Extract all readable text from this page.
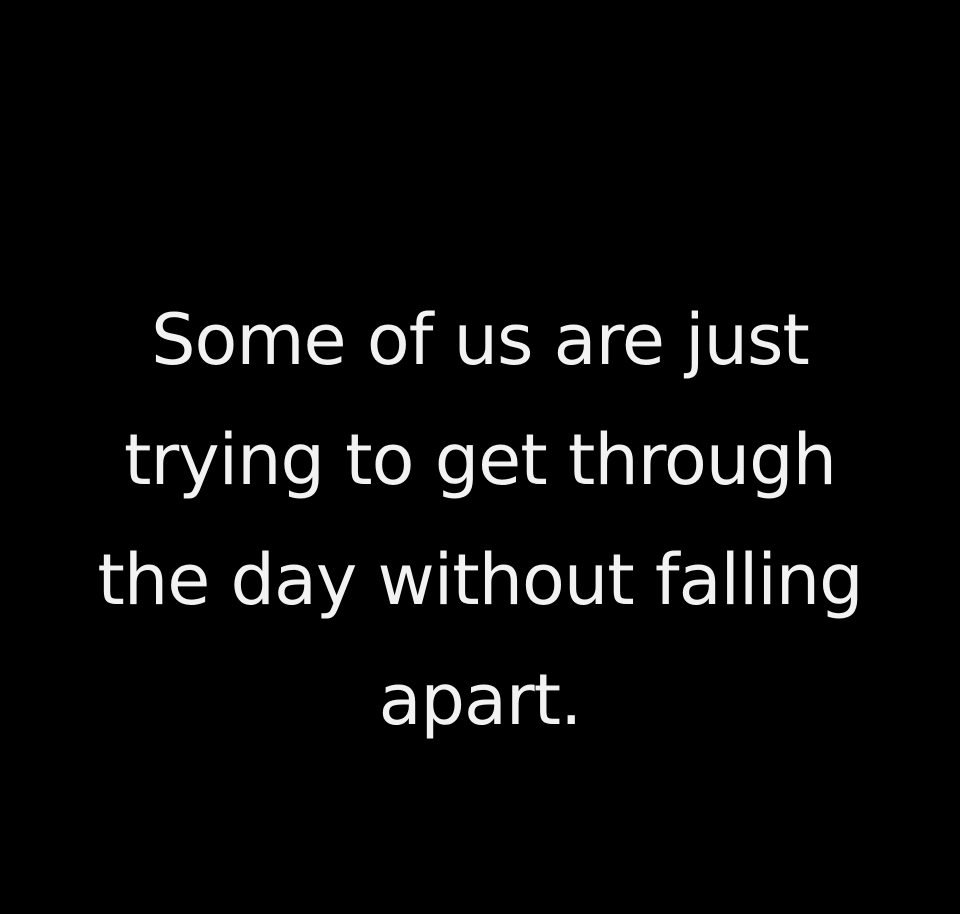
Some of us are just
trying to get through
the day without falling
apart.
